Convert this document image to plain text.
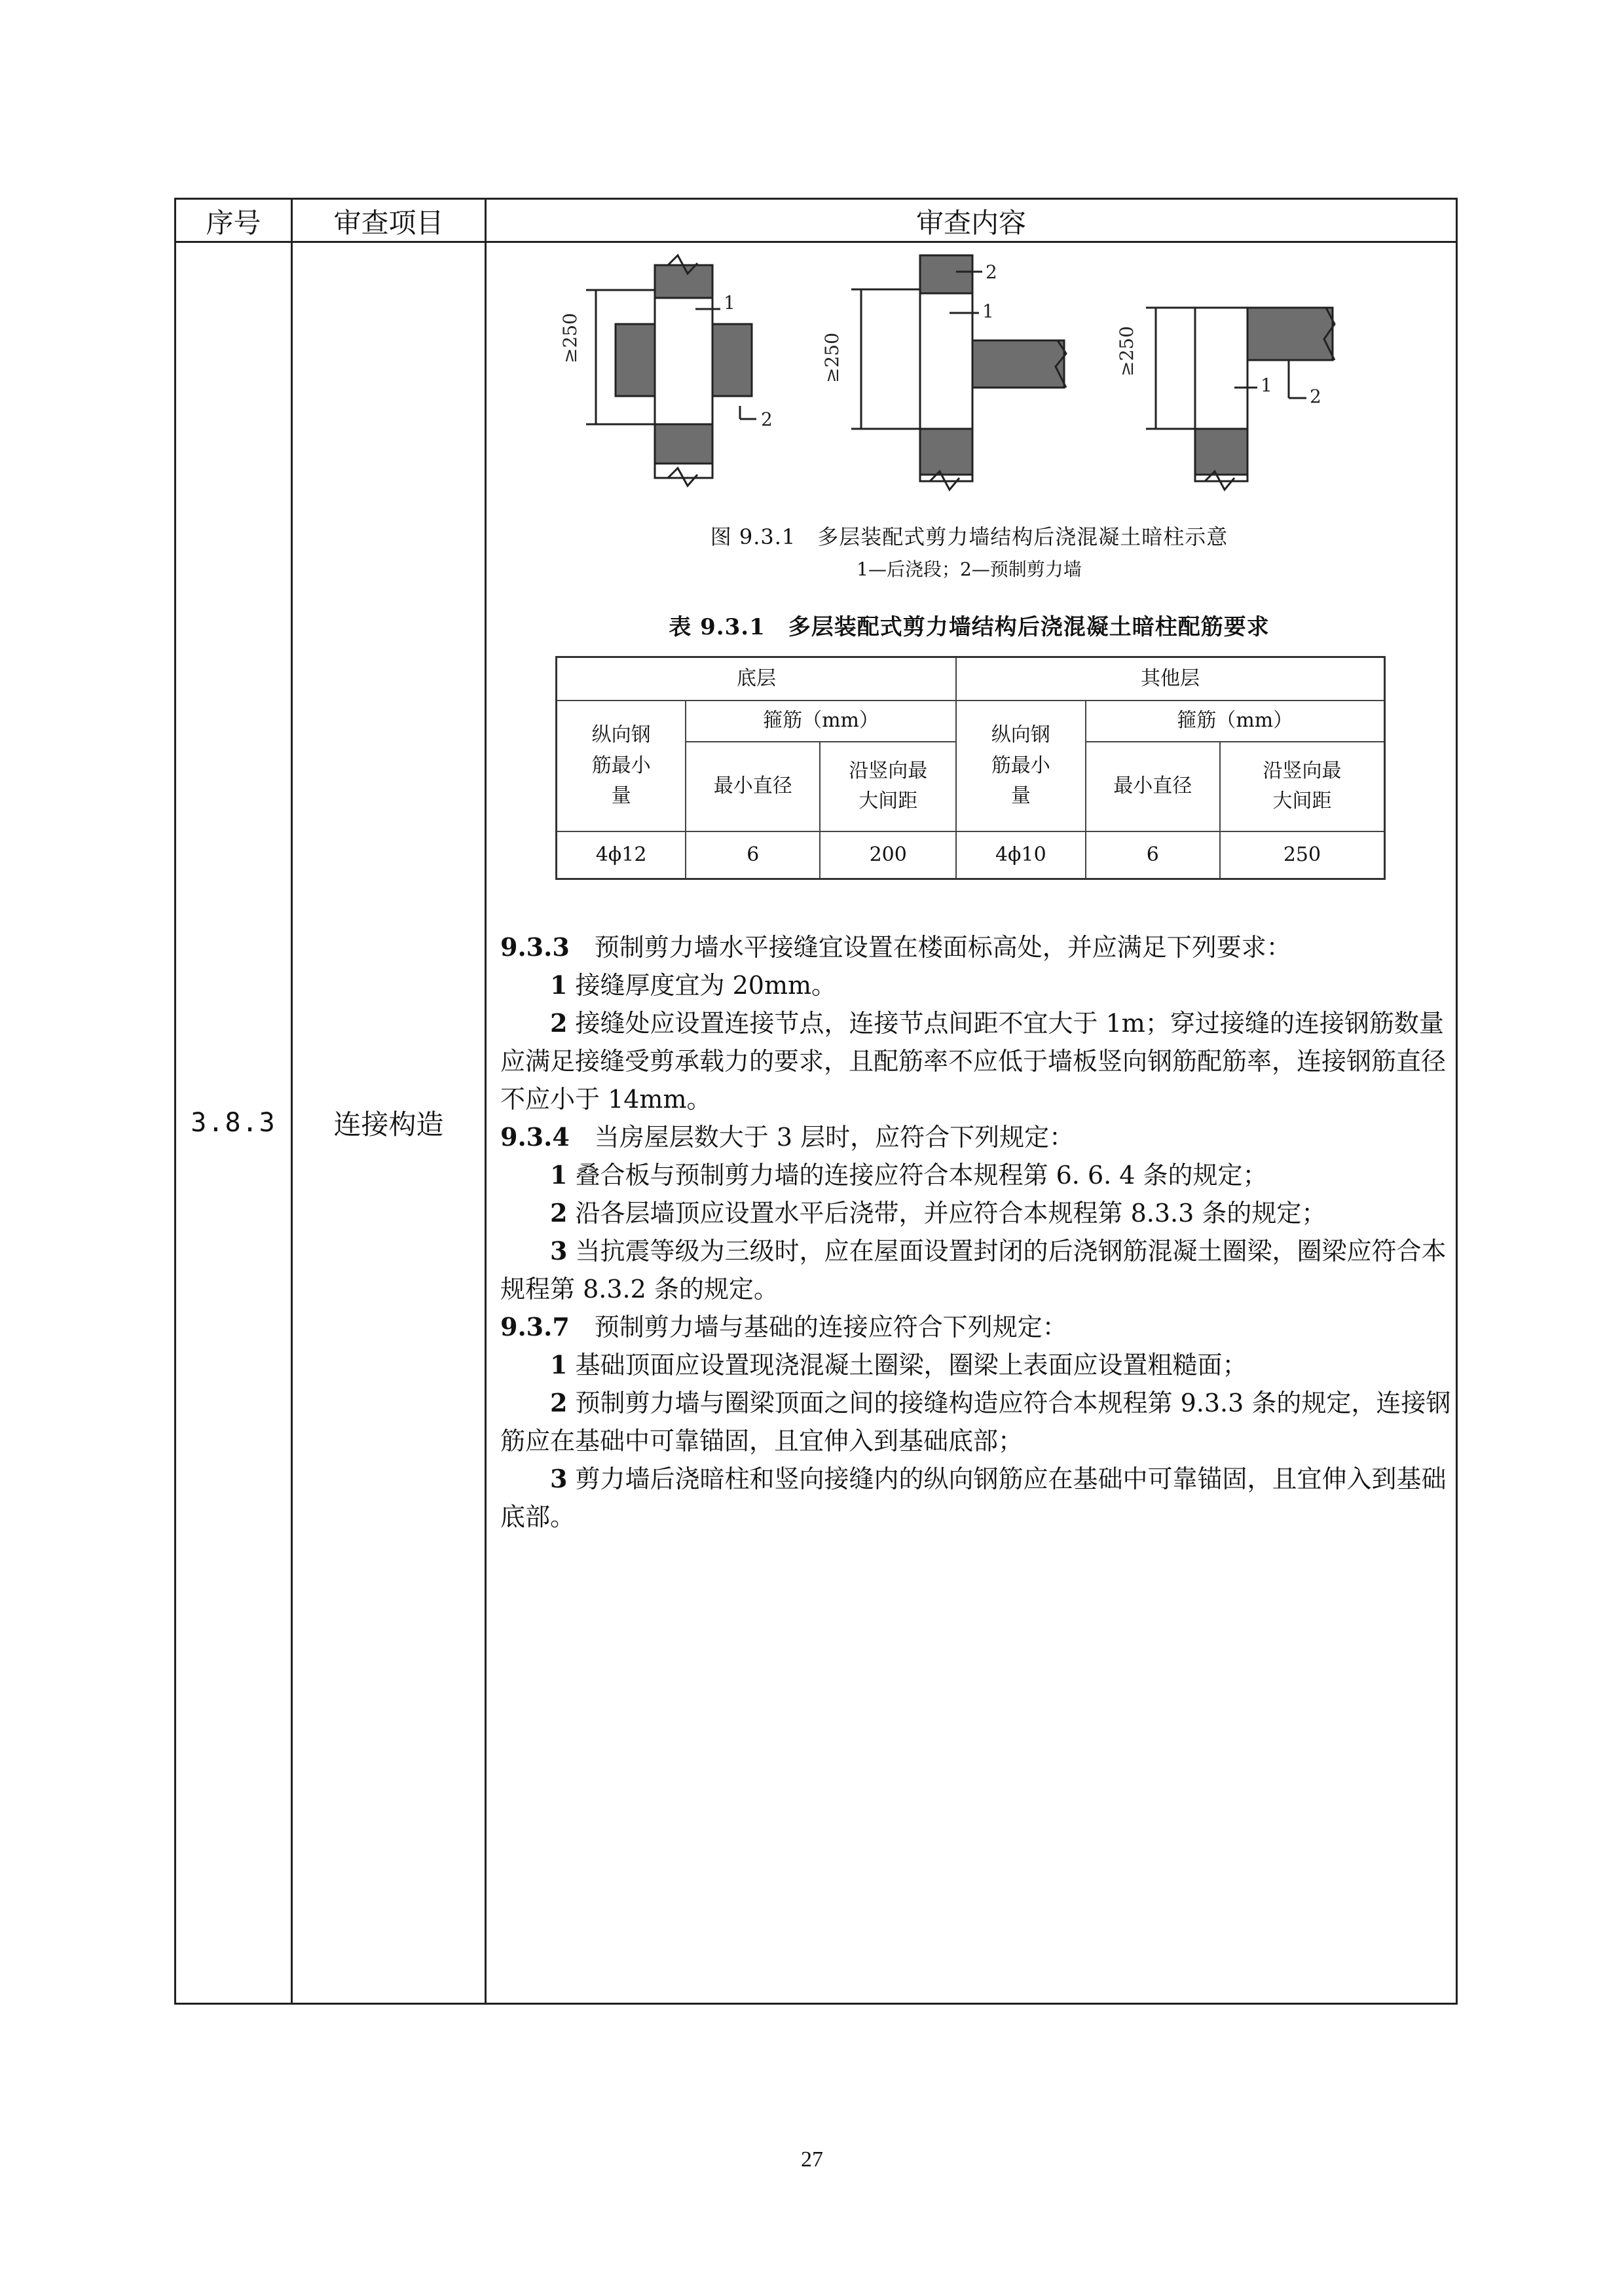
序号	审查项目	审查内容
3.8.3	连接构造
≥250
1
2
≥250
2
1
≥250
1
2
图 9.3.1　多层装配式剪力墙结构后浇混凝土暗柱示意
1—后浇段；2—预制剪力墙
表 9.3.1　多层装配式剪力墙结构后浇混凝土暗柱配筋要求
底层			其他层		
纵向钢筋最小量	箍筋（mm）		纵向钢筋最小量	箍筋（mm）	
	最小直径	沿竖向最大间距		最小直径	沿竖向最大间距
4ϕ12	6	200	4ϕ10	6	250

9.3.3　 预制剪力墙水平接缝宜设置在楼面标高处，并应满足下列要求：

1 接缝厚度宜为 20mm。

2 接缝处应设置连接节点，连接节点间距不宜大于 1m；穿过接缝的连接钢筋数量应满足接缝受剪承载力的要求，且配筋率不应低于墙板竖向钢筋配筋率，连接钢筋直径不应小于 14mm。

9.3.4　 当房屋层数大于 3 层时，应符合下列规定：

1 叠合板与预制剪力墙的连接应符合本规程第 6. 6. 4 条的规定；

2 沿各层墙顶应设置水平后浇带，并应符合本规程第 8.3.3 条的规定；

3 当抗震等级为三级时，应在屋面设置封闭的后浇钢筋混凝土圈梁，圈梁应符合本规程第 8.3.2 条的规定。

9.3.7　 预制剪力墙与基础的连接应符合下列规定：

1 基础顶面应设置现浇混凝土圈梁，圈梁上表面应设置粗糙面；

2 预制剪力墙与圈梁顶面之间的接缝构造应符合本规程第 9.3.3 条的规定，连接钢筋应在基础中可靠锚固，且宜伸入到基础底部；

3 剪力墙后浇暗柱和竖向接缝内的纵向钢筋应在基础中可靠锚固，且宜伸入到基础底部。

27
